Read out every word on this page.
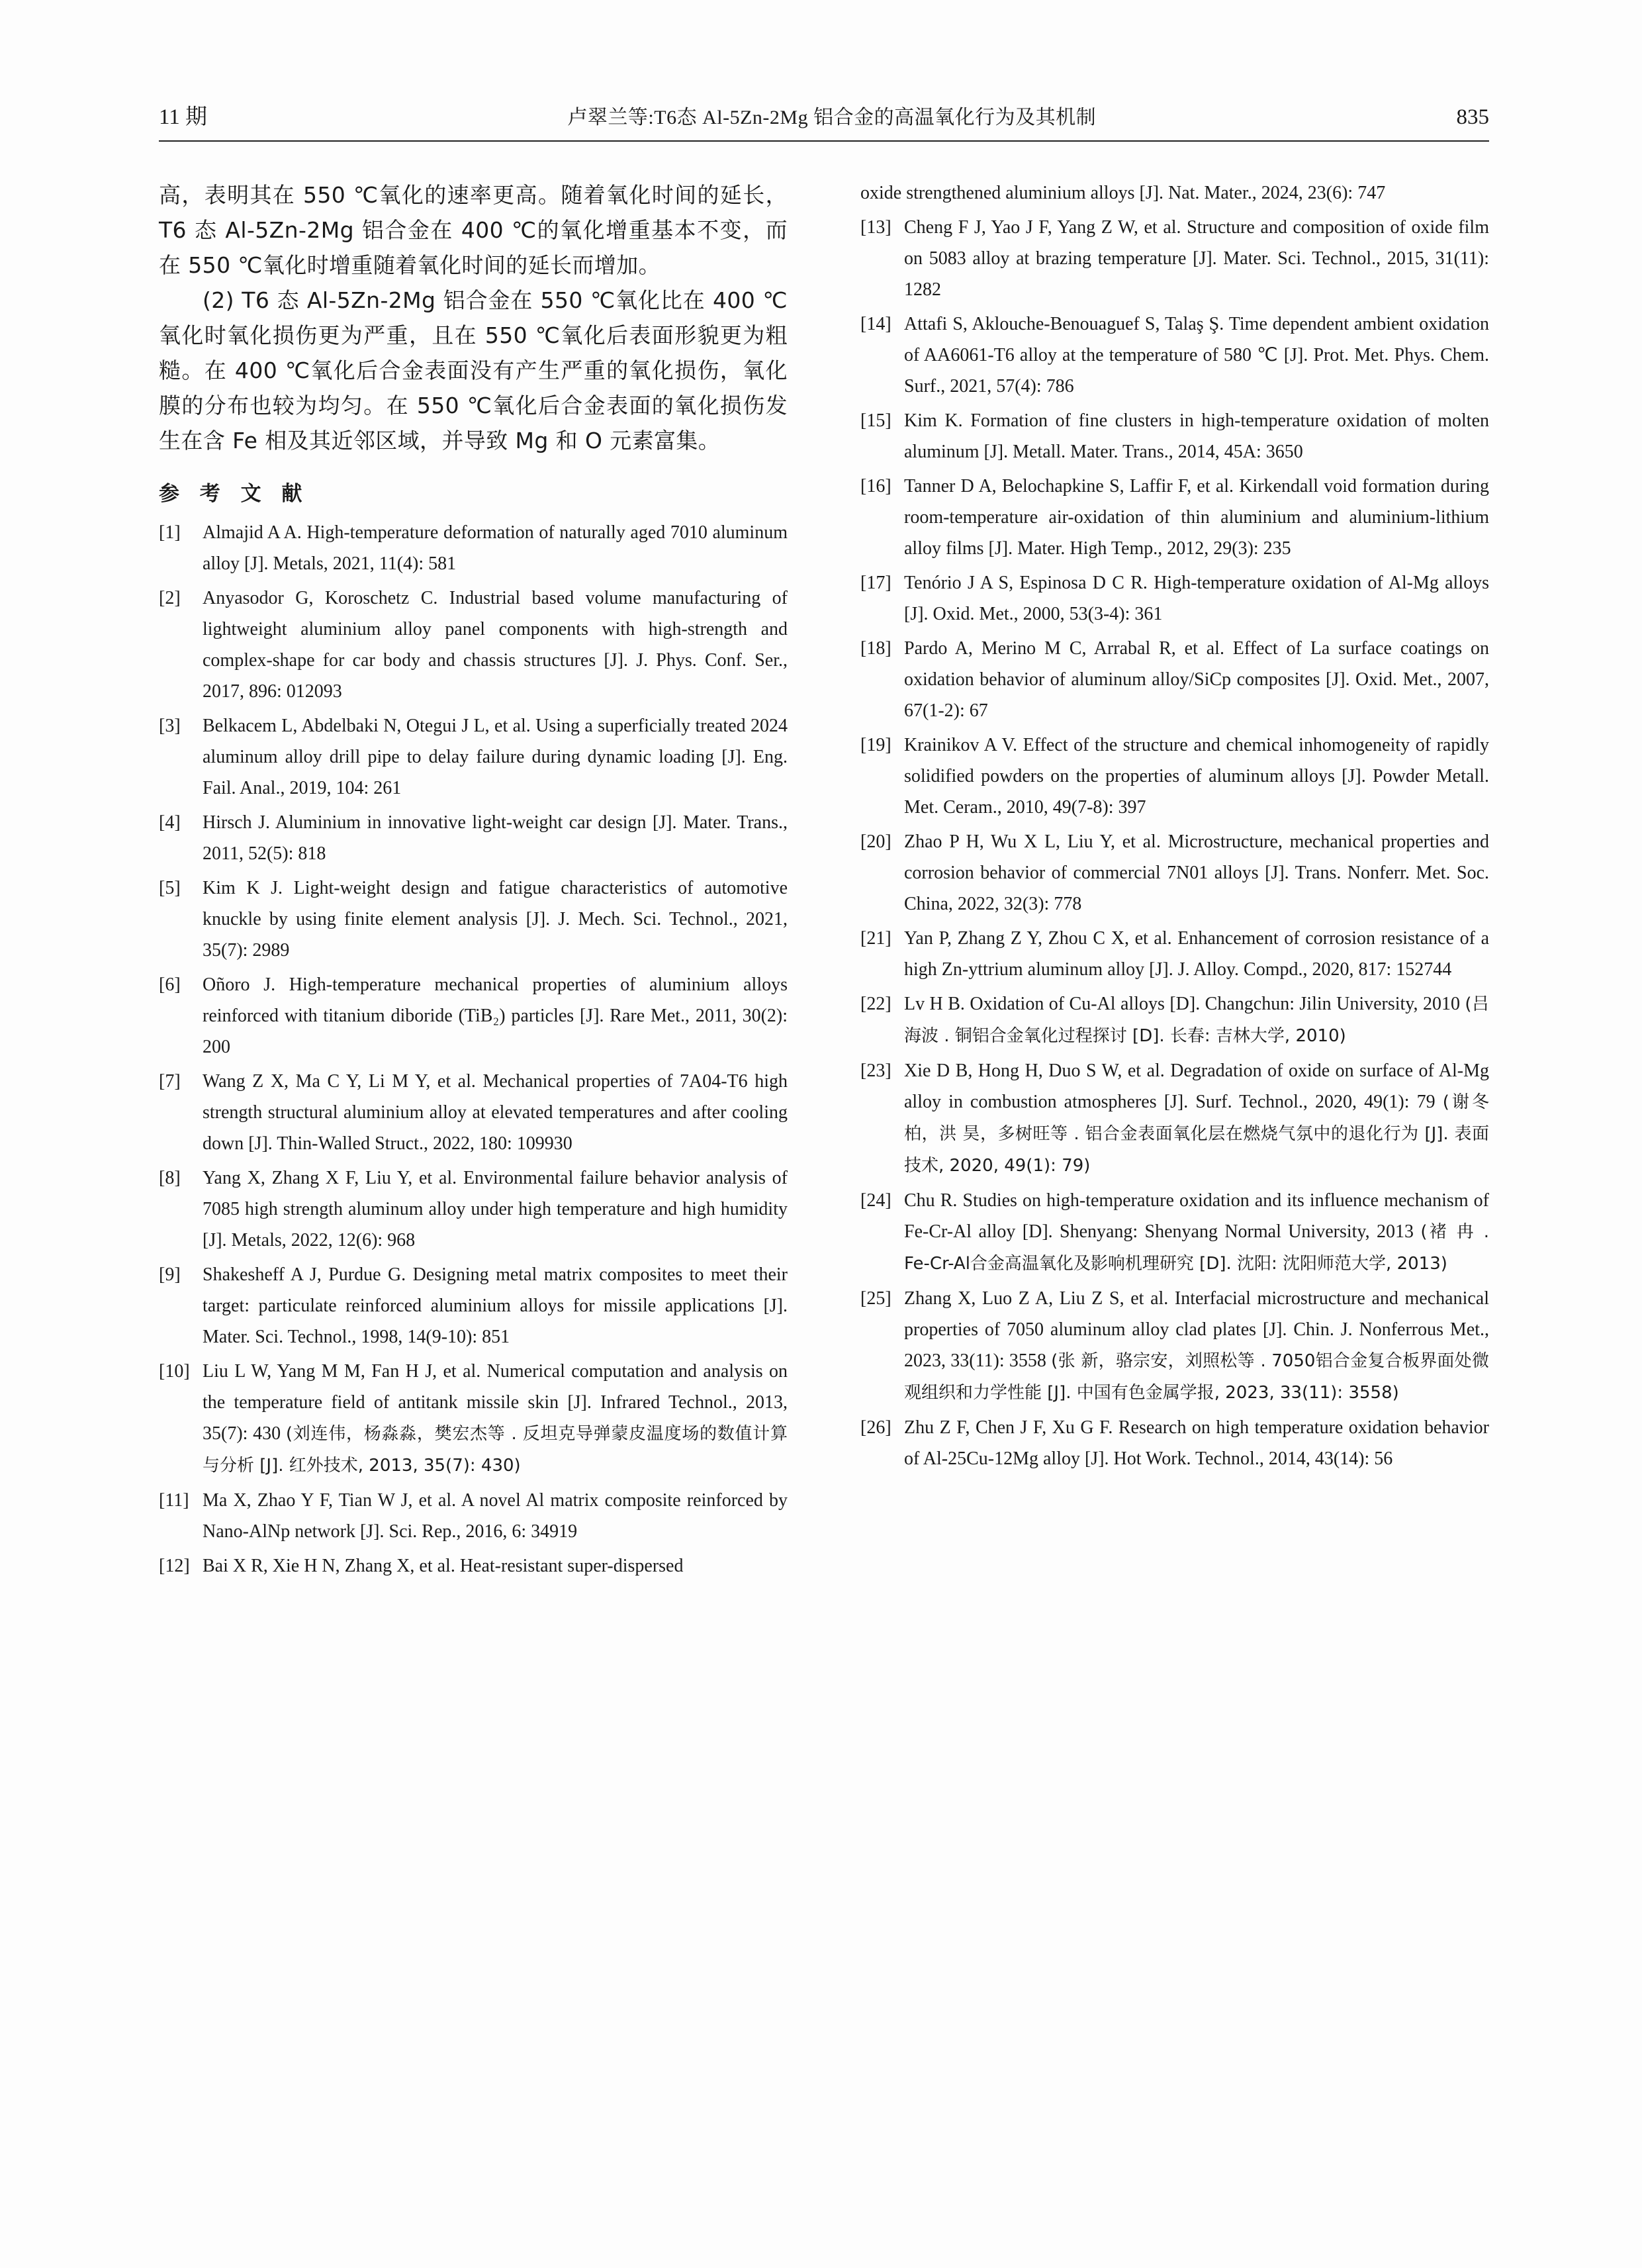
11 期	卢翠兰等:T6态 Al-5Zn-2Mg 铝合金的高温氧化行为及其机制	835

高，表明其在 550 ℃氧化的速率更高。随着氧化时间的延长，T6 态 Al-5Zn-2Mg 铝合金在 400 ℃的氧化增重基本不变，而在 550 ℃氧化时增重随着氧化时间的延长而增加。

(2) T6 态 Al-5Zn-2Mg 铝合金在 550 ℃氧化比在 400 ℃氧化时氧化损伤更为严重，且在 550 ℃氧化后表面形貌更为粗糙。在 400 ℃氧化后合金表面没有产生严重的氧化损伤，氧化膜的分布也较为均匀。在 550 ℃氧化后合金表面的氧化损伤发生在含 Fe 相及其近邻区域，并导致 Mg 和 O 元素富集。

参 考 文 献
[1]	Almajid A A. High-temperature deformation of naturally aged 7010 aluminum alloy [J]. Metals, 2021, 11(4): 581
[2]	Anyasodor G, Koroschetz C. Industrial based volume manufacturing of lightweight aluminium alloy panel components with high-strength and complex-shape for car body and chassis structures [J]. J. Phys. Conf. Ser., 2017, 896: 012093
[3]	Belkacem L, Abdelbaki N, Otegui J L, et al. Using a superficially treated 2024 aluminum alloy drill pipe to delay failure during dynamic loading [J]. Eng. Fail. Anal., 2019, 104: 261
[4]	Hirsch J. Aluminium in innovative light-weight car design [J]. Mater. Trans., 2011, 52(5): 818
[5]	Kim K J. Light-weight design and fatigue characteristics of automotive knuckle by using finite element analysis [J]. J. Mech. Sci. Technol., 2021, 35(7): 2989
[6]	Oñoro J. High-temperature mechanical properties of aluminium alloys reinforced with titanium diboride (TiB₂) particles [J]. Rare Met., 2011, 30(2): 200
[7]	Wang Z X, Ma C Y, Li M Y, et al. Mechanical properties of 7A04-T6 high strength structural aluminium alloy at elevated temperatures and after cooling down [J]. Thin-Walled Struct., 2022, 180: 109930
[8]	Yang X, Zhang X F, Liu Y, et al. Environmental failure behavior analysis of 7085 high strength aluminum alloy under high temperature and high humidity [J]. Metals, 2022, 12(6): 968
[9]	Shakesheff A J, Purdue G. Designing metal matrix composites to meet their target: particulate reinforced aluminium alloys for missile applications [J]. Mater. Sci. Technol., 1998, 14(9-10): 851
[10] Liu L W, Yang M M, Fan H J, et al. Numerical computation and analysis on the temperature field of antitank missile skin [J]. Infrared Technol., 2013, 35(7): 430 (刘连伟，杨淼淼，樊宏杰等 . 反坦克导弹蒙皮温度场的数值计算与分析 [J]. 红外技术, 2013, 35(7): 430)
[11] Ma X, Zhao Y F, Tian W J, et al. A novel Al matrix composite reinforced by Nano-AlNp network [J]. Sci. Rep., 2016, 6: 34919
[12] Bai X R, Xie H N, Zhang X, et al. Heat-resistant super-dispersed
oxide strengthened aluminium alloys [J]. Nat. Mater., 2024, 23(6): 747
[13] Cheng F J, Yao J F, Yang Z W, et al. Structure and composition of oxide film on 5083 alloy at brazing temperature [J]. Mater. Sci. Technol., 2015, 31(11): 1282
[14] Attafi S, Aklouche-Benouaguef S, Talaş Ş. Time dependent ambient oxidation of AA6061-T6 alloy at the temperature of 580 ℃ [J]. Prot. Met. Phys. Chem. Surf., 2021, 57(4): 786
[15] Kim K. Formation of fine clusters in high-temperature oxidation of molten aluminum [J]. Metall. Mater. Trans., 2014, 45A: 3650
[16] Tanner D A, Belochapkine S, Laffir F, et al. Kirkendall void formation during room-temperature air-oxidation of thin aluminium and aluminium-lithium alloy films [J]. Mater. High Temp., 2012, 29(3): 235
[17] Tenório J A S, Espinosa D C R. High-temperature oxidation of Al-Mg alloys [J]. Oxid. Met., 2000, 53(3-4): 361
[18] Pardo A, Merino M C, Arrabal R, et al. Effect of La surface coatings on oxidation behavior of aluminum alloy/SiCp composites [J]. Oxid. Met., 2007, 67(1-2): 67
[19] Krainikov A V. Effect of the structure and chemical inhomogeneity of rapidly solidified powders on the properties of aluminum alloys [J]. Powder Metall. Met. Ceram., 2010, 49(7-8): 397
[20] Zhao P H, Wu X L, Liu Y, et al. Microstructure, mechanical properties and corrosion behavior of commercial 7N01 alloys [J]. Trans. Nonferr. Met. Soc. China, 2022, 32(3): 778
[21] Yan P, Zhang Z Y, Zhou C X, et al. Enhancement of corrosion resistance of a high Zn-yttrium aluminum alloy [J]. J. Alloy. Compd., 2020, 817: 152744
[22] Lv H B. Oxidation of Cu-Al alloys [D]. Changchun: Jilin University, 2010 (吕海波 . 铜铝合金氧化过程探讨 [D]. 长春: 吉林大学, 2010)
[23] Xie D B, Hong H, Duo S W, et al. Degradation of oxide on surface of Al-Mg alloy in combustion atmospheres [J]. Surf. Technol., 2020, 49(1): 79 (谢冬柏，洪 昊，多树旺等 . 铝合金表面氧化层在燃烧气氛中的退化行为 [J]. 表面技术, 2020, 49(1): 79)
[24] Chu R. Studies on high-temperature oxidation and its influence mechanism of Fe-Cr-Al alloy [D]. Shenyang: Shenyang Normal University, 2013 (褚 冉 . Fe-Cr-Al合金高温氧化及影响机理研究 [D]. 沈阳: 沈阳师范大学, 2013)
[25] Zhang X, Luo Z A, Liu Z S, et al. Interfacial microstructure and mechanical properties of 7050 aluminum alloy clad plates [J]. Chin. J. Nonferrous Met., 2023, 33(11): 3558 (张 新，骆宗安，刘照松等 . 7050铝合金复合板界面处微观组织和力学性能 [J]. 中国有色金属学报, 2023, 33(11): 3558)
[26] Zhu Z F, Chen J F, Xu G F. Research on high temperature oxidation behavior of Al-25Cu-12Mg alloy [J]. Hot Work. Technol., 2014, 43(14): 56
